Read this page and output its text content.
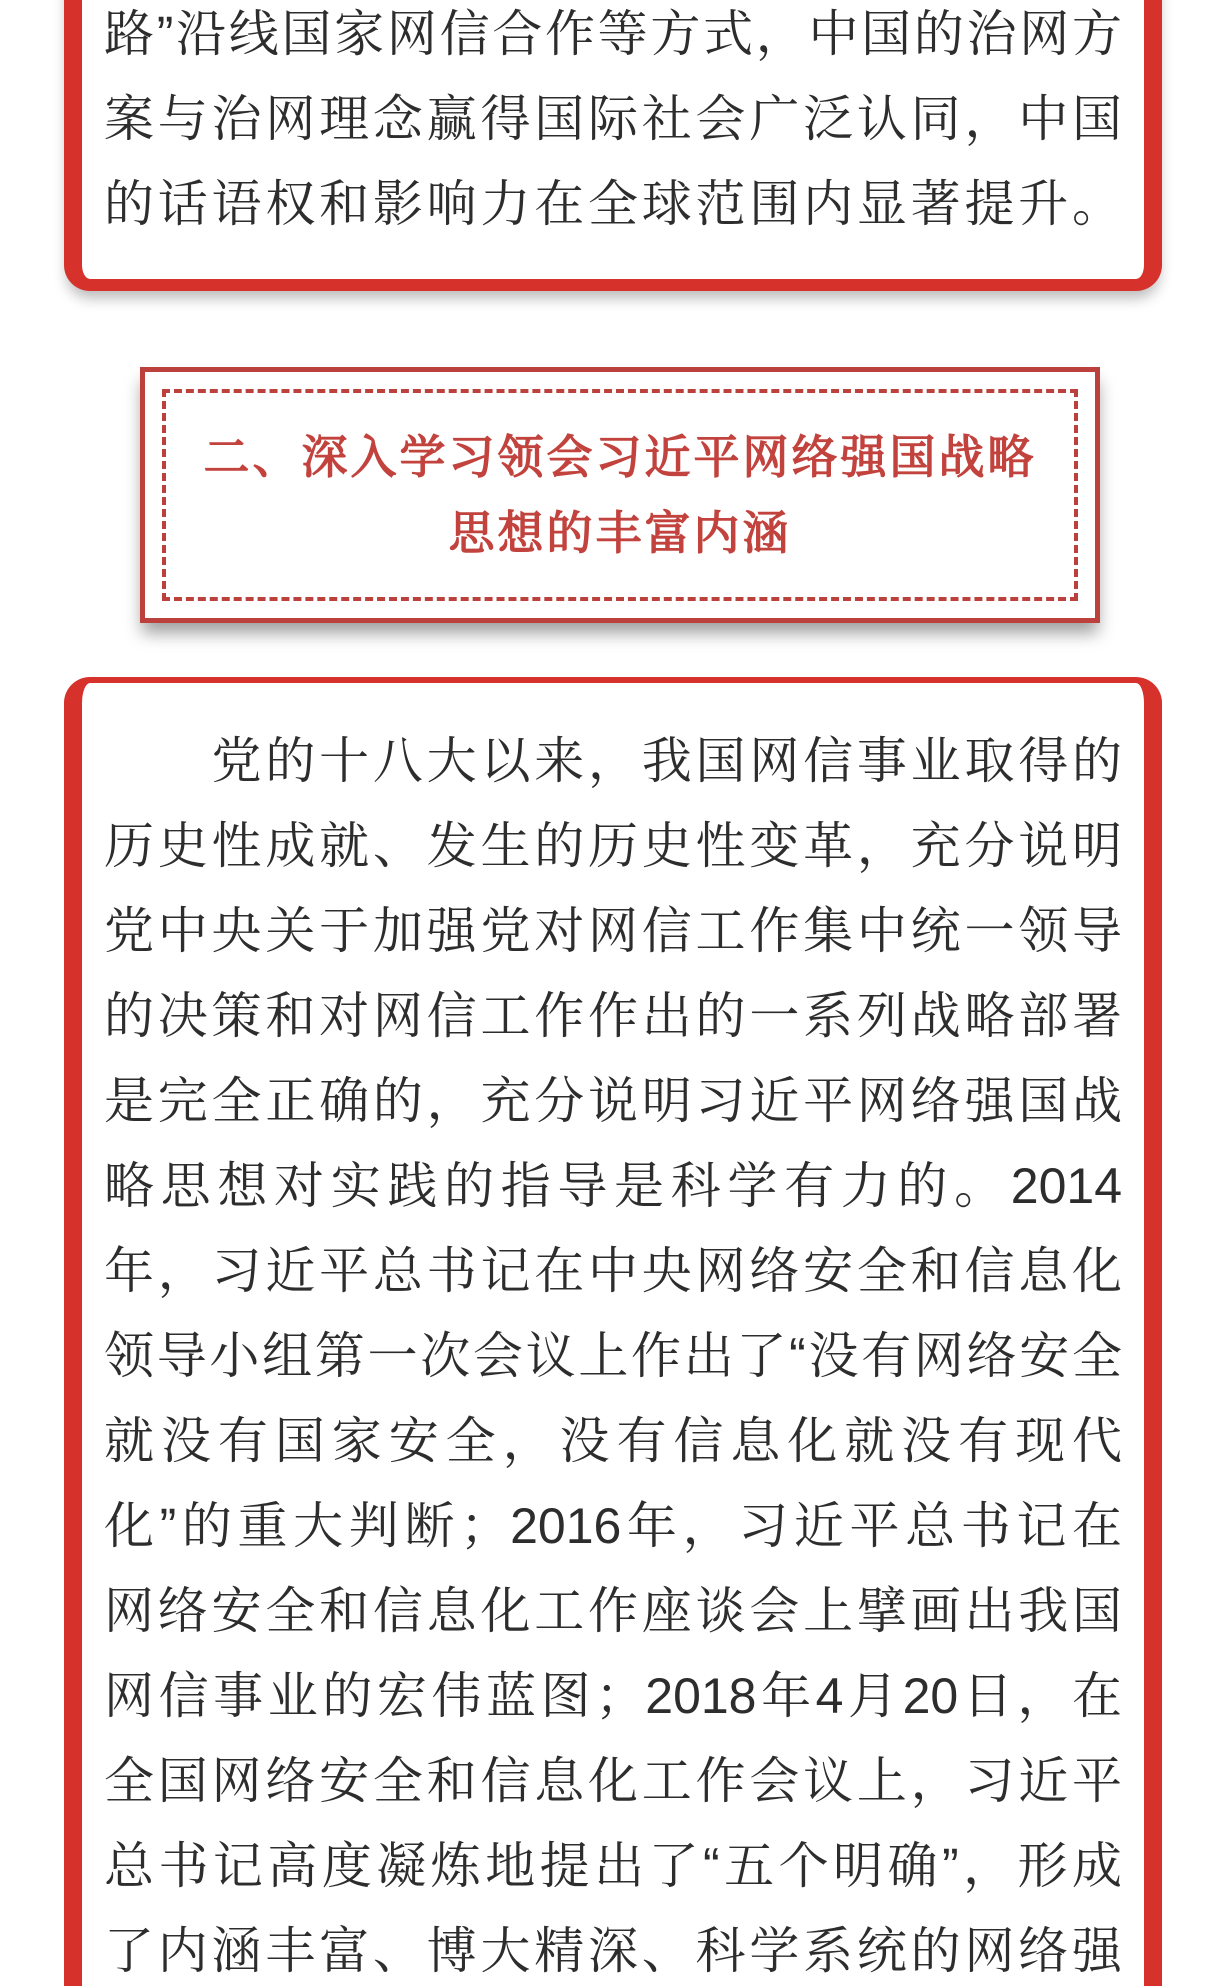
路”沿线国家网信合作等方式，中国的治网方
案与治网理念赢得国际社会广泛认同，中国
的话语权和影响力在全球范围内显著提升。
二、深入学习领会习近平网络强国战略
思想的丰富内涵
　　党的十八大以来，我国网信事业取得的
历史性成就、发生的历史性变革，充分说明
党中央关于加强党对网信工作集中统一领导
的决策和对网信工作作出的一系列战略部署
是完全正确的，充分说明习近平网络强国战
略思想对实践的指导是科学有力的。2014
年，习近平总书记在中央网络安全和信息化
领导小组第一次会议上作出了“没有网络安全
就没有国家安全，没有信息化就没有现代
化”的重大判断；2016年，习近平总书记在
网络安全和信息化工作座谈会上擘画出我国
网信事业的宏伟蓝图；2018年4月20日，在
全国网络安全和信息化工作会议上，习近平
总书记高度凝炼地提出了“五个明确”，形成
了内涵丰富、博大精深、科学系统的网络强
